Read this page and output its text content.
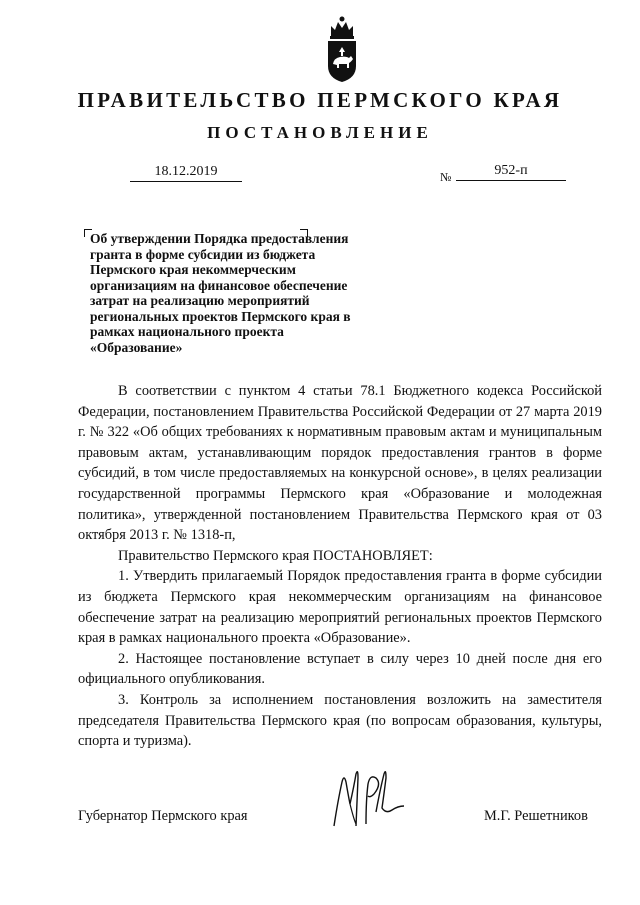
ПРАВИТЕЛЬСТВО ПЕРМСКОГО КРАЯ
ПОСТАНОВЛЕНИЕ
18.12.2019	№	952-п
Об утверждении Порядка предоставления гранта в форме субсидии из бюджета Пермского края некоммерческим организациям на финансовое обеспечение затрат на реализацию мероприятий региональных проектов Пермского края в рамках национального проекта «Образование»

В соответствии с пунктом 4 статьи 78.1 Бюджетного кодекса Российской Федерации, постановлением Правительства Российской Федерации от 27 марта 2019 г. № 322 «Об общих требованиях к нормативным правовым актам и муниципальным правовым актам, устанавливающим порядок предоставления грантов в форме субсидий, в том числе предоставляемых на конкурсной основе», в целях реализации государственной программы Пермского края «Образование и молодежная политика», утвержденной постановлением Правительства Пермского края от 03 октября 2013 г. № 1318-п,

Правительство Пермского края ПОСТАНОВЛЯЕТ:

1. Утвердить прилагаемый Порядок предоставления гранта в форме субсидии из бюджета Пермского края некоммерческим организациям на финансовое обеспечение затрат на реализацию мероприятий региональных проектов Пермского края в рамках национального проекта «Образование».

2. Настоящее постановление вступает в силу через 10 дней после дня его официального опубликования.

3. Контроль за исполнением постановления возложить на заместителя председателя Правительства Пермского края (по вопросам образования, культуры, спорта и туризма).

Губернатор Пермского края	М.Г. Решетников
